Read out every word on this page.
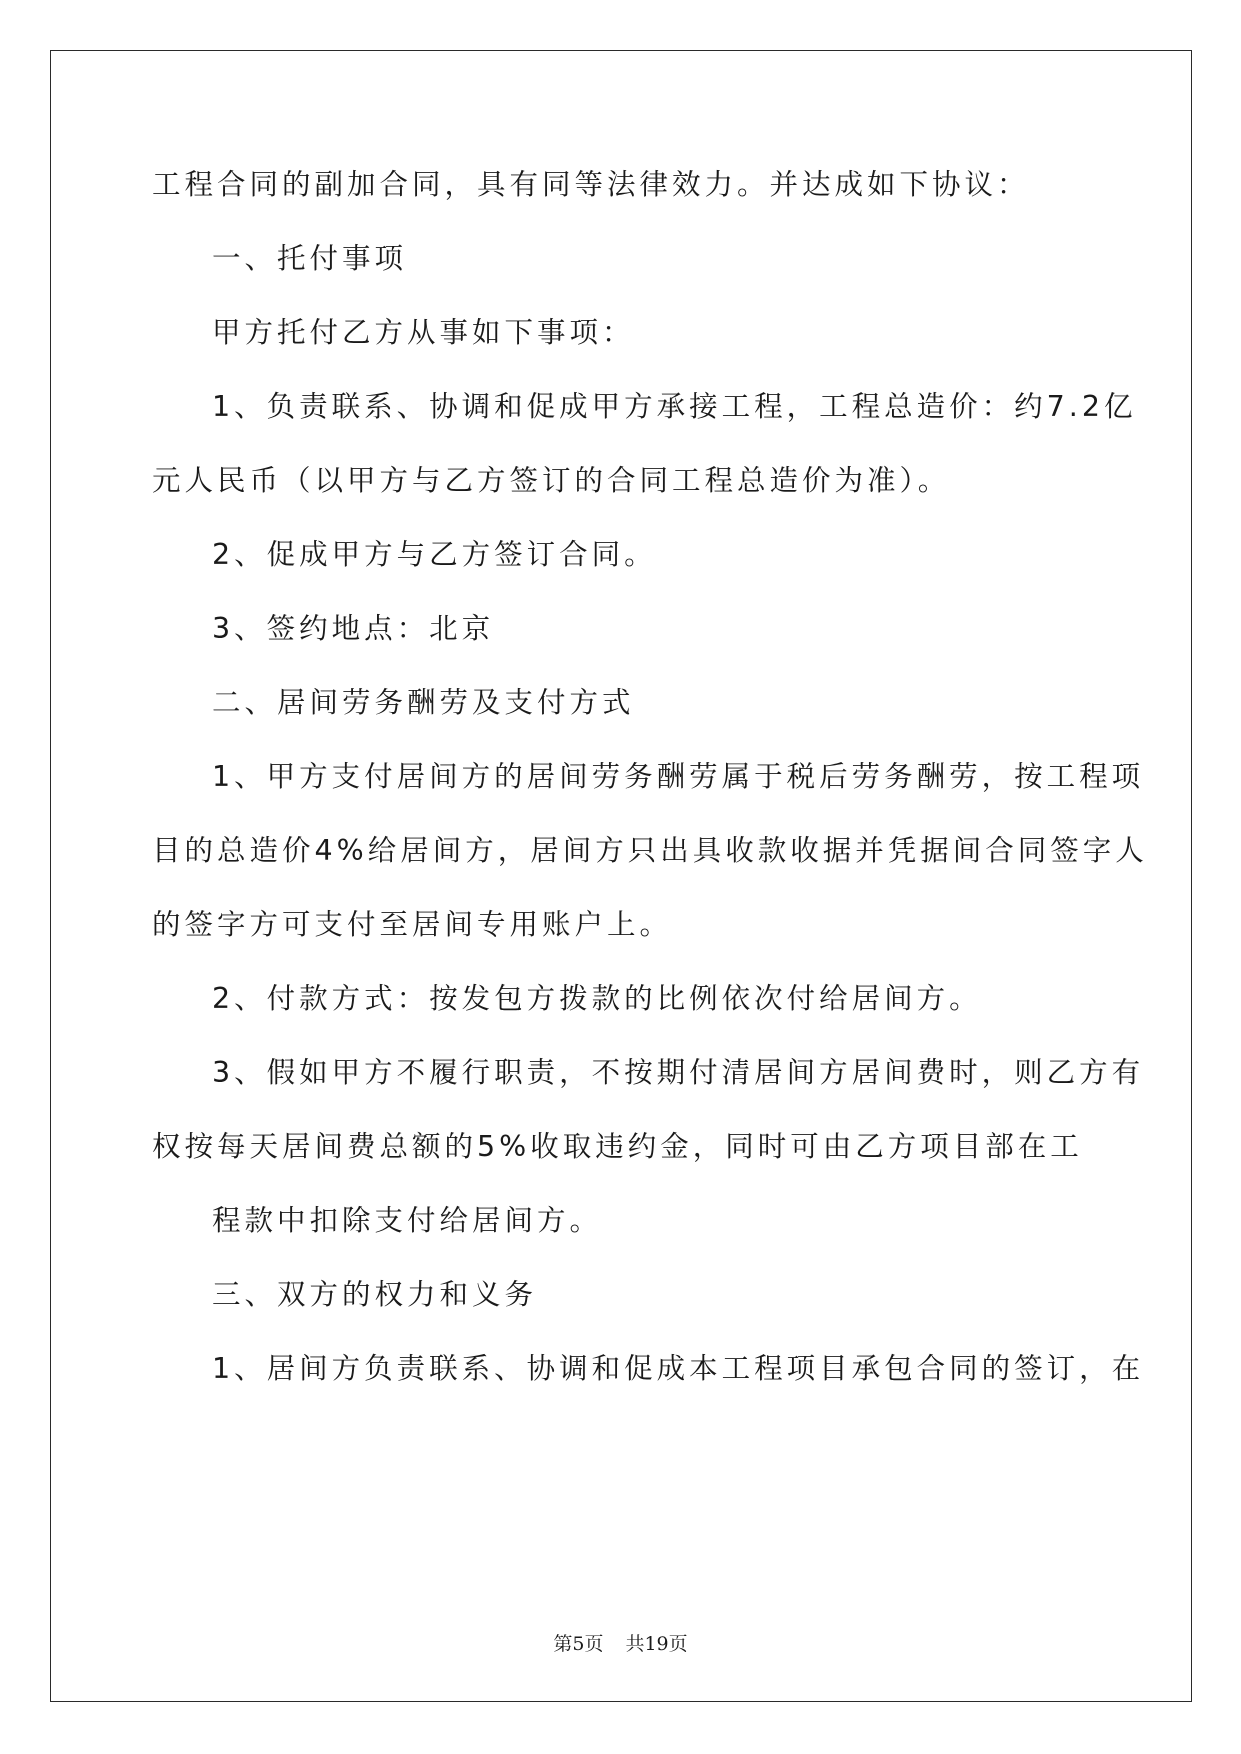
工程合同的副加合同，具有同等法律效力。并达成如下协议：
一、托付事项
甲方托付乙方从事如下事项：
1、负责联系、协调和促成甲方承接工程，工程总造价：约7.2亿
元人民币（以甲方与乙方签订的合同工程总造价为准）。
2、促成甲方与乙方签订合同。
3、签约地点：北京
二、居间劳务酬劳及支付方式
1、甲方支付居间方的居间劳务酬劳属于税后劳务酬劳，按工程项
目的总造价4%给居间方，居间方只出具收款收据并凭据间合同签字人
的签字方可支付至居间专用账户上。
2、付款方式：按发包方拨款的比例依次付给居间方。
3、假如甲方不履行职责，不按期付清居间方居间费时，则乙方有
权按每天居间费总额的5%收取违约金，同时可由乙方项目部在工
程款中扣除支付给居间方。
三、双方的权力和义务
1、居间方负责联系、协调和促成本工程项目承包合同的签订，在
第5页 共19页
